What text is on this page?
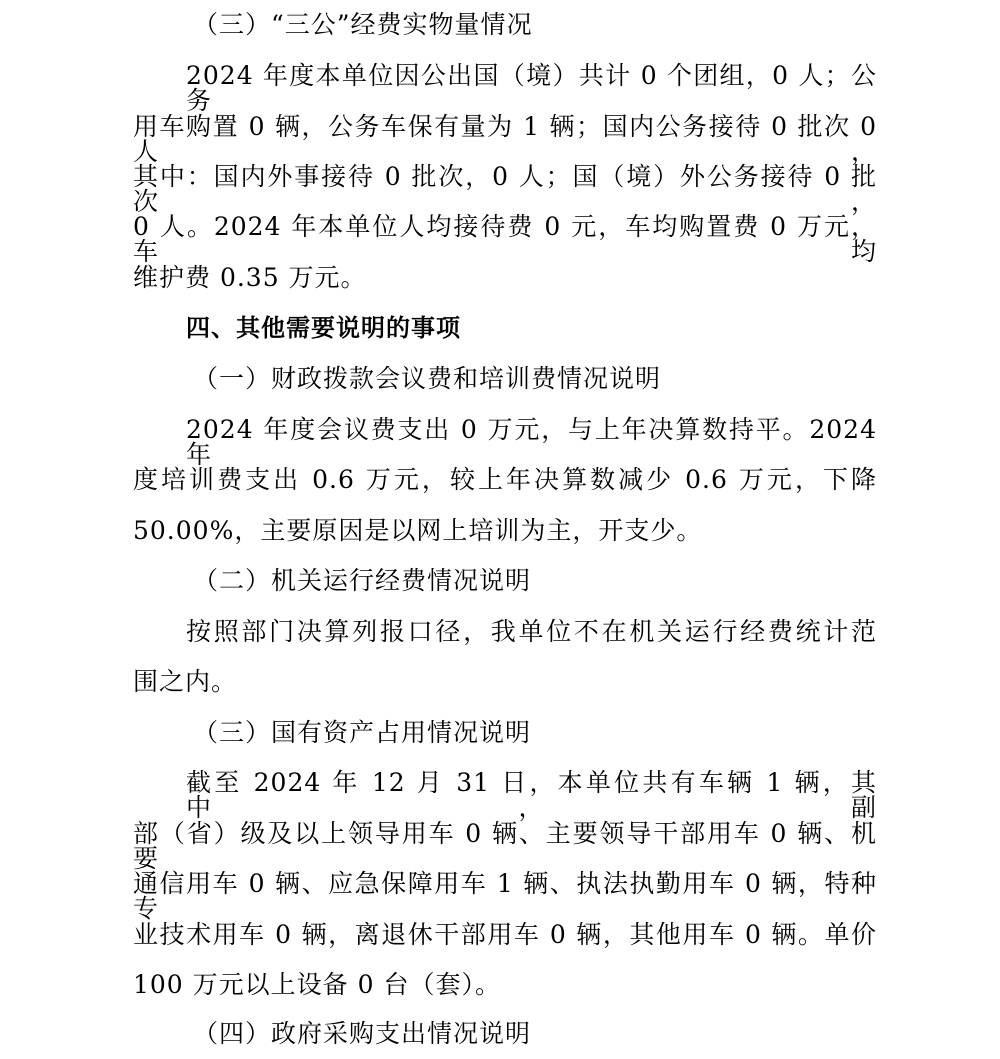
（三）“三公”经费实物量情况
2024 年度本单位因公出国（境）共计 0 个团组，0 人；公务
用车购置 0 辆，公务车保有量为 1 辆；国内公务接待 0 批次 0 人，
其中：国内外事接待 0 批次，0 人；国（境）外公务接待 0 批次，
0 人。2024 年本单位人均接待费 0 元，车均购置费 0 万元，车均
维护费 0.35 万元。
四、其他需要说明的事项
（一）财政拨款会议费和培训费情况说明
2024 年度会议费支出 0 万元，与上年决算数持平。2024 年
度培训费支出 0.6 万元，较上年决算数减少 0.6 万元，下降
50.00%，主要原因是以网上培训为主，开支少。
（二）机关运行经费情况说明
按照部门决算列报口径，我单位不在机关运行经费统计范
围之内。
（三）国有资产占用情况说明
截至 2024 年 12 月 31 日，本单位共有车辆 1 辆，其中，副
部（省）级及以上领导用车 0 辆、主要领导干部用车 0 辆、机要
通信用车 0 辆、应急保障用车 1 辆、执法执勤用车 0 辆，特种专
业技术用车 0 辆，离退休干部用车 0 辆，其他用车 0 辆。单价
100 万元以上设备 0 台（套）。
（四）政府采购支出情况说明
